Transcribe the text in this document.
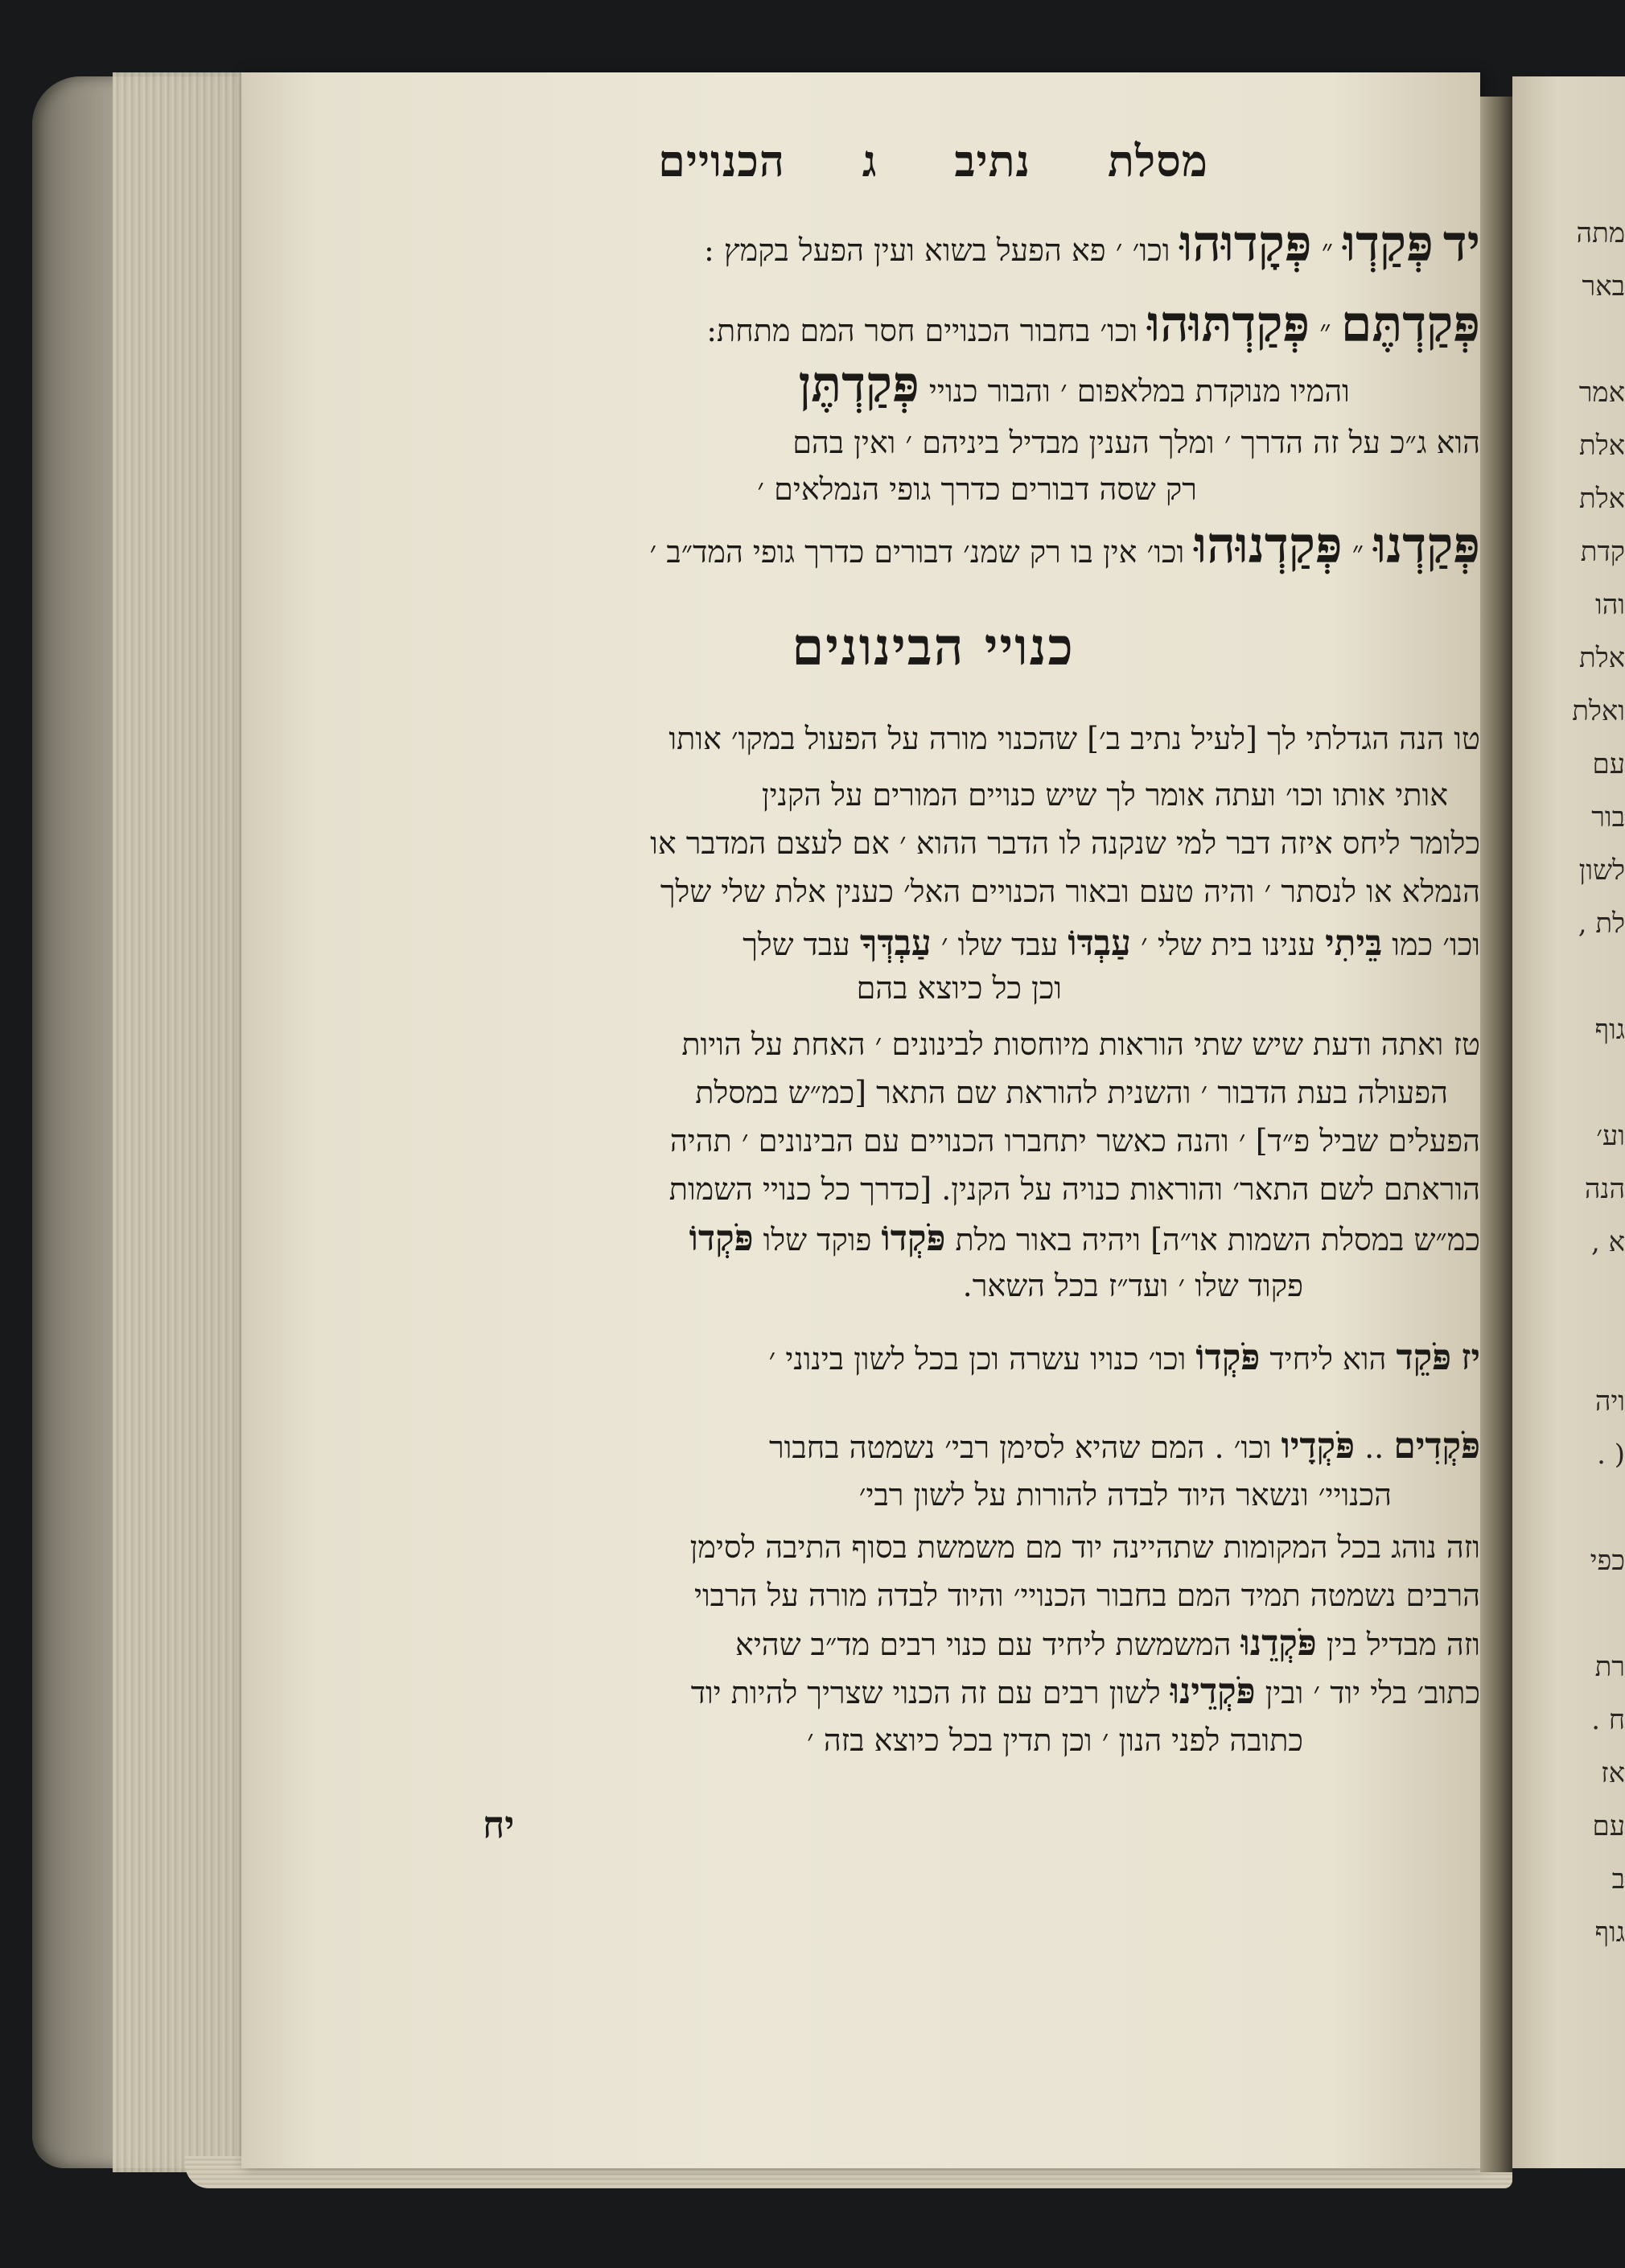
מסלת נתיב ג הכנויים
יד פְּקַדְוּ ״ פְּקָדוּהוּ וכו׳ ׳ פא הפעל בשוא ועין הפעל בקמץ :
פְּקַדְתֶּם ״ פְּקַדְתּוּהוּ וכו׳ בחבור הכנויים חסר המם מתחת:
והמיו מנוקדת במלאפום ׳ והבור כנויי פְּקַדְתֶּן
הוא ג״כ על זה הדרך ׳ ומלך הענין מבדיל ביניהם ׳ ואין בהם
רק שסה דבורים כדרך גופי הנמלאים ׳
פְּקַדְנוּ ״ פְּקַדְנוּהוּ וכו׳ אין בו רק שמנ׳ דבורים כדרך גופי המד״ב ׳
כנויי הבינונים
טו הנה הגדלתי לך [לעיל נתיב ב׳] שהכנוי מורה על הפעול במקו׳ אותו
אותי אותו וכו׳ ועתה אומר לך שיש כנויים המורים על הקנין
כלומר ליחס איזה דבר למי שנקנה לו הדבר ההוא ׳ אם לעצם המדבר או
הנמלא או לנסתר ׳ והיה טעם ובאור הכנויים האל׳ כענין אלת שלי שלך
וכו׳ כמו בֵּיתִי ענינו בית שלי ׳ עַבְדּוֹ עבד שלו ׳ עַבְדְּךָ עבד שלך
וכן כל כיוצא בהם
טז ואתה ודעת שיש שתי הוראות מיוחסות לבינונים ׳ האחת על הויות
הפעולה בעת הדבור ׳ והשנית להוראת שם התאר [כמ״ש במסלת
הפעלים שביל פ״ד] ׳ והנה כאשר יתחברו הכנויים עם הבינונים ׳ תהיה
הוראתם לשם התאר׳ והוראות כנויה על הקנין. [כדרך כל כנויי השמות
כמ״ש במסלת השמות או״ה] ויהיה באור מלת פֹּקְדוֹ פוקד שלו פֹּקְדוֹ
פקוד שלו ׳ ועד״ז בכל השאר.
יז פֹּקֵד הוא ליחיד פֹּקְדוֹ וכו׳ כנויו עשרה וכן בכל לשון בינוני ׳
פֹּקְדִים .. פֹּקְדָיו וכו׳ . המם שהיא לסימן רבי׳ נשמטה בחבור
הכנויי׳ ונשאר היוד לבדה להורות על לשון רבי׳
וזה נוהג בכל המקומות שתהיינה יוד מם משמשת בסוף התיבה לסימן
הרבים נשמטה תמיד המם בחבור הכנויי׳ והיוד לבדה מורה על הרבוי
וזה מבדיל בין פֹּקְדֵנוּ המשמשת ליחיד עם כנוי רבים מד״ב שהיא
כתוב׳ בלי יוד ׳ ובין פֹּקְדֵינוּ לשון רבים עם זה הכנוי שצריך להיות יוד
כתובה לפני הנון ׳ וכן תדין בכל כיוצא בזה ׳
יח
מתה
באר
אמר
אלת
אלת
קדת
והו
אלת
ואלת
עם
בור
לשון
לת ,
גוף
וע׳
הנה
א ,
ויה
( .
כפי
רת
ח .
אז
עם
ב
גוף
